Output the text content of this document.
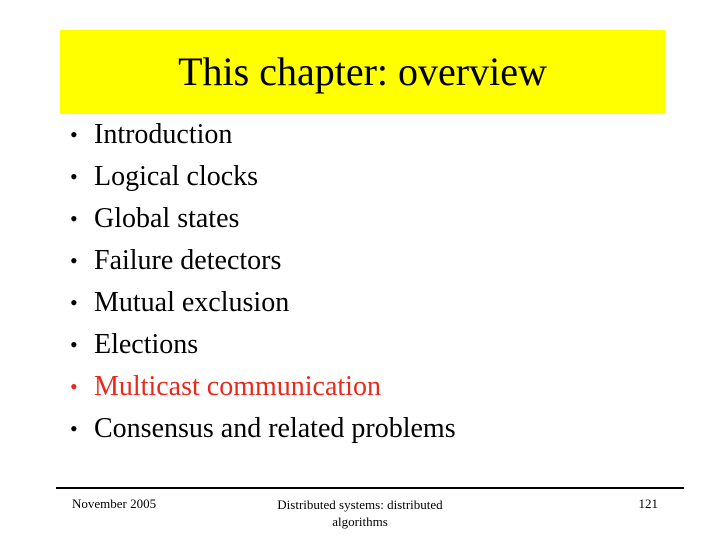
This chapter: overview
• Introduction
• Logical clocks
• Global states
• Failure detectors
• Mutual exclusion
• Elections
• Multicast communication
• Consensus and related problems
November 2005	Distributed systems: distributed
algorithms
121
